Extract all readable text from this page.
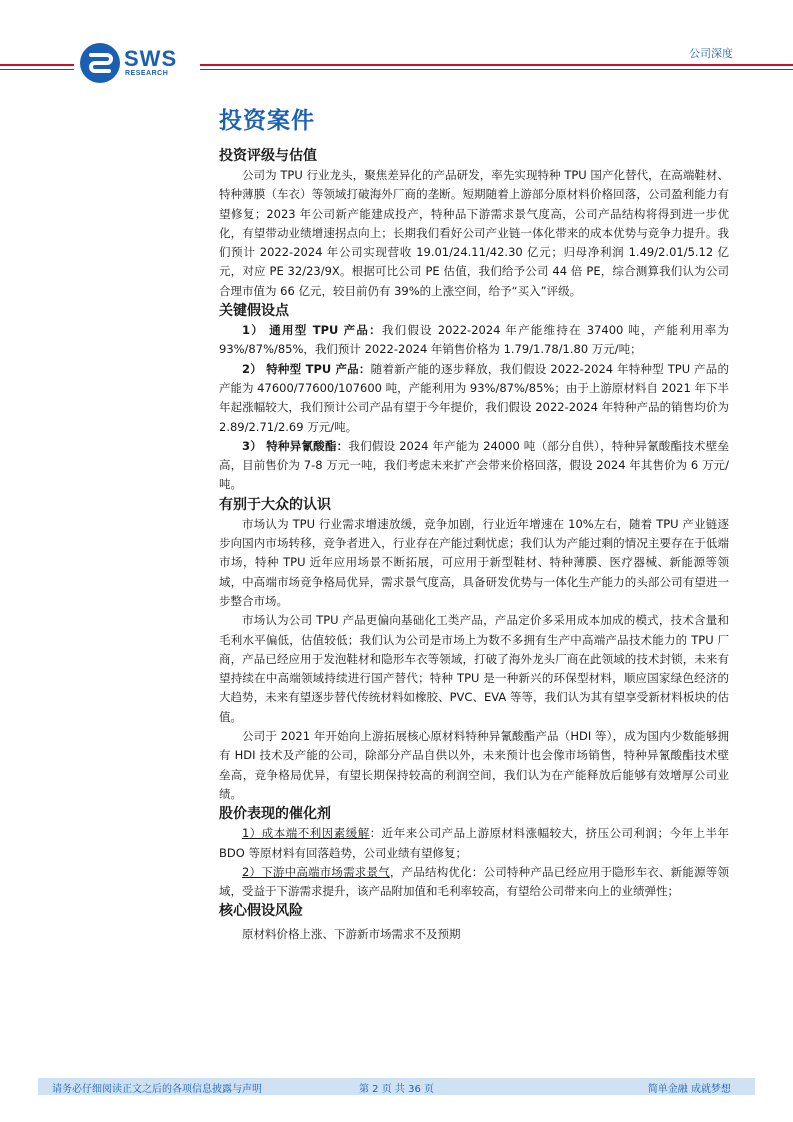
SWS
RESEARCH
公司深度
投资案件
投资评级与估值

公司为 TPU 行业龙头，聚焦差异化的产品研发，率先实现特种 TPU 国产化替代，在高端鞋材、特种薄膜（车衣）等领域打破海外厂商的垄断。短期随着上游部分原材料价格回落，公司盈利能力有望修复；2023 年公司新产能建成投产，特种品下游需求景气度高，公司产品结构将得到进一步优化，有望带动业绩增速拐点向上；长期我们看好公司产业链一体化带来的成本优势与竞争力提升。我们预计 2022-2024 年公司实现营收 19.01/24.11/42.30 亿元；归母净利润 1.49/2.01/5.12 亿元，对应 PE 32/23/9X。根据可比公司 PE 估值，我们给予公司 44 倍 PE，综合测算我们认为公司合理市值为 66 亿元，较目前仍有 39%的上涨空间，给予“买入”评级。

关键假设点

1） 通用型 TPU 产品：我们假设 2022-2024 年产能维持在 37400 吨，产能利用率为 93%/87%/85%，我们预计 2022-2024 年销售价格为 1.79/1.78/1.80 万元/吨；

2） 特种型 TPU 产品：随着新产能的逐步释放，我们假设 2022-2024 年特种型 TPU 产品的产能为 47600/77600/107600 吨，产能利用为 93%/87%/85%；由于上游原材料自 2021 年下半年起涨幅较大，我们预计公司产品有望于今年提价，我们假设 2022-2024 年特种产品的销售均价为 2.89/2.71/2.69 万元/吨。

3） 特种异氰酸酯：我们假设 2024 年产能为 24000 吨（部分自供），特种异氰酸酯技术壁垒高，目前售价为 7-8 万元一吨，我们考虑未来扩产会带来价格回落，假设 2024 年其售价为 6 万元/吨。

有别于大众的认识

市场认为 TPU 行业需求增速放缓，竞争加剧，行业近年增速在 10%左右，随着 TPU 产业链逐步向国内市场转移，竞争者进入，行业存在产能过剩忧虑；我们认为产能过剩的情况主要存在于低端市场，特种 TPU 近年应用场景不断拓展，可应用于新型鞋材、特种薄膜、医疗器械、新能源等领域，中高端市场竞争格局优异，需求景气度高，具备研发优势与一体化生产能力的头部公司有望进一步整合市场。

市场认为公司 TPU 产品更偏向基础化工类产品，产品定价多采用成本加成的模式，技术含量和毛利水平偏低，估值较低；我们认为公司是市场上为数不多拥有生产中高端产品技术能力的 TPU 厂商，产品已经应用于发泡鞋材和隐形车衣等领域，打破了海外龙头厂商在此领域的技术封锁，未来有望持续在中高端领域持续进行国产替代；特种 TPU 是一种新兴的环保型材料，顺应国家绿色经济的大趋势，未来有望逐步替代传统材料如橡胶、PVC、EVA 等等，我们认为其有望享受新材料板块的估值。

公司于 2021 年开始向上游拓展核心原材料特种异氰酸酯产品（HDI 等），成为国内少数能够拥有 HDI 技术及产能的公司，除部分产品自供以外，未来预计也会像市场销售，特种异氰酸酯技术壁垒高，竞争格局优异，有望长期保持较高的利润空间，我们认为在产能释放后能够有效增厚公司业绩。

股价表现的催化剂

1）成本端不利因素缓解：近年来公司产品上游原材料涨幅较大，挤压公司利润；今年上半年 BDO 等原材料有回落趋势，公司业绩有望修复；

2）下游中高端市场需求景气，产品结构优化：公司特种产品已经应用于隐形车衣、新能源等领域，受益于下游需求提升，该产品附加值和毛利率较高，有望给公司带来向上的业绩弹性；

核心假设风险

原材料价格上涨、下游新市场需求不及预期

请务必仔细阅读正文之后的各项信息披露与声明	第 2 页 共 36 页	简单金融 成就梦想
